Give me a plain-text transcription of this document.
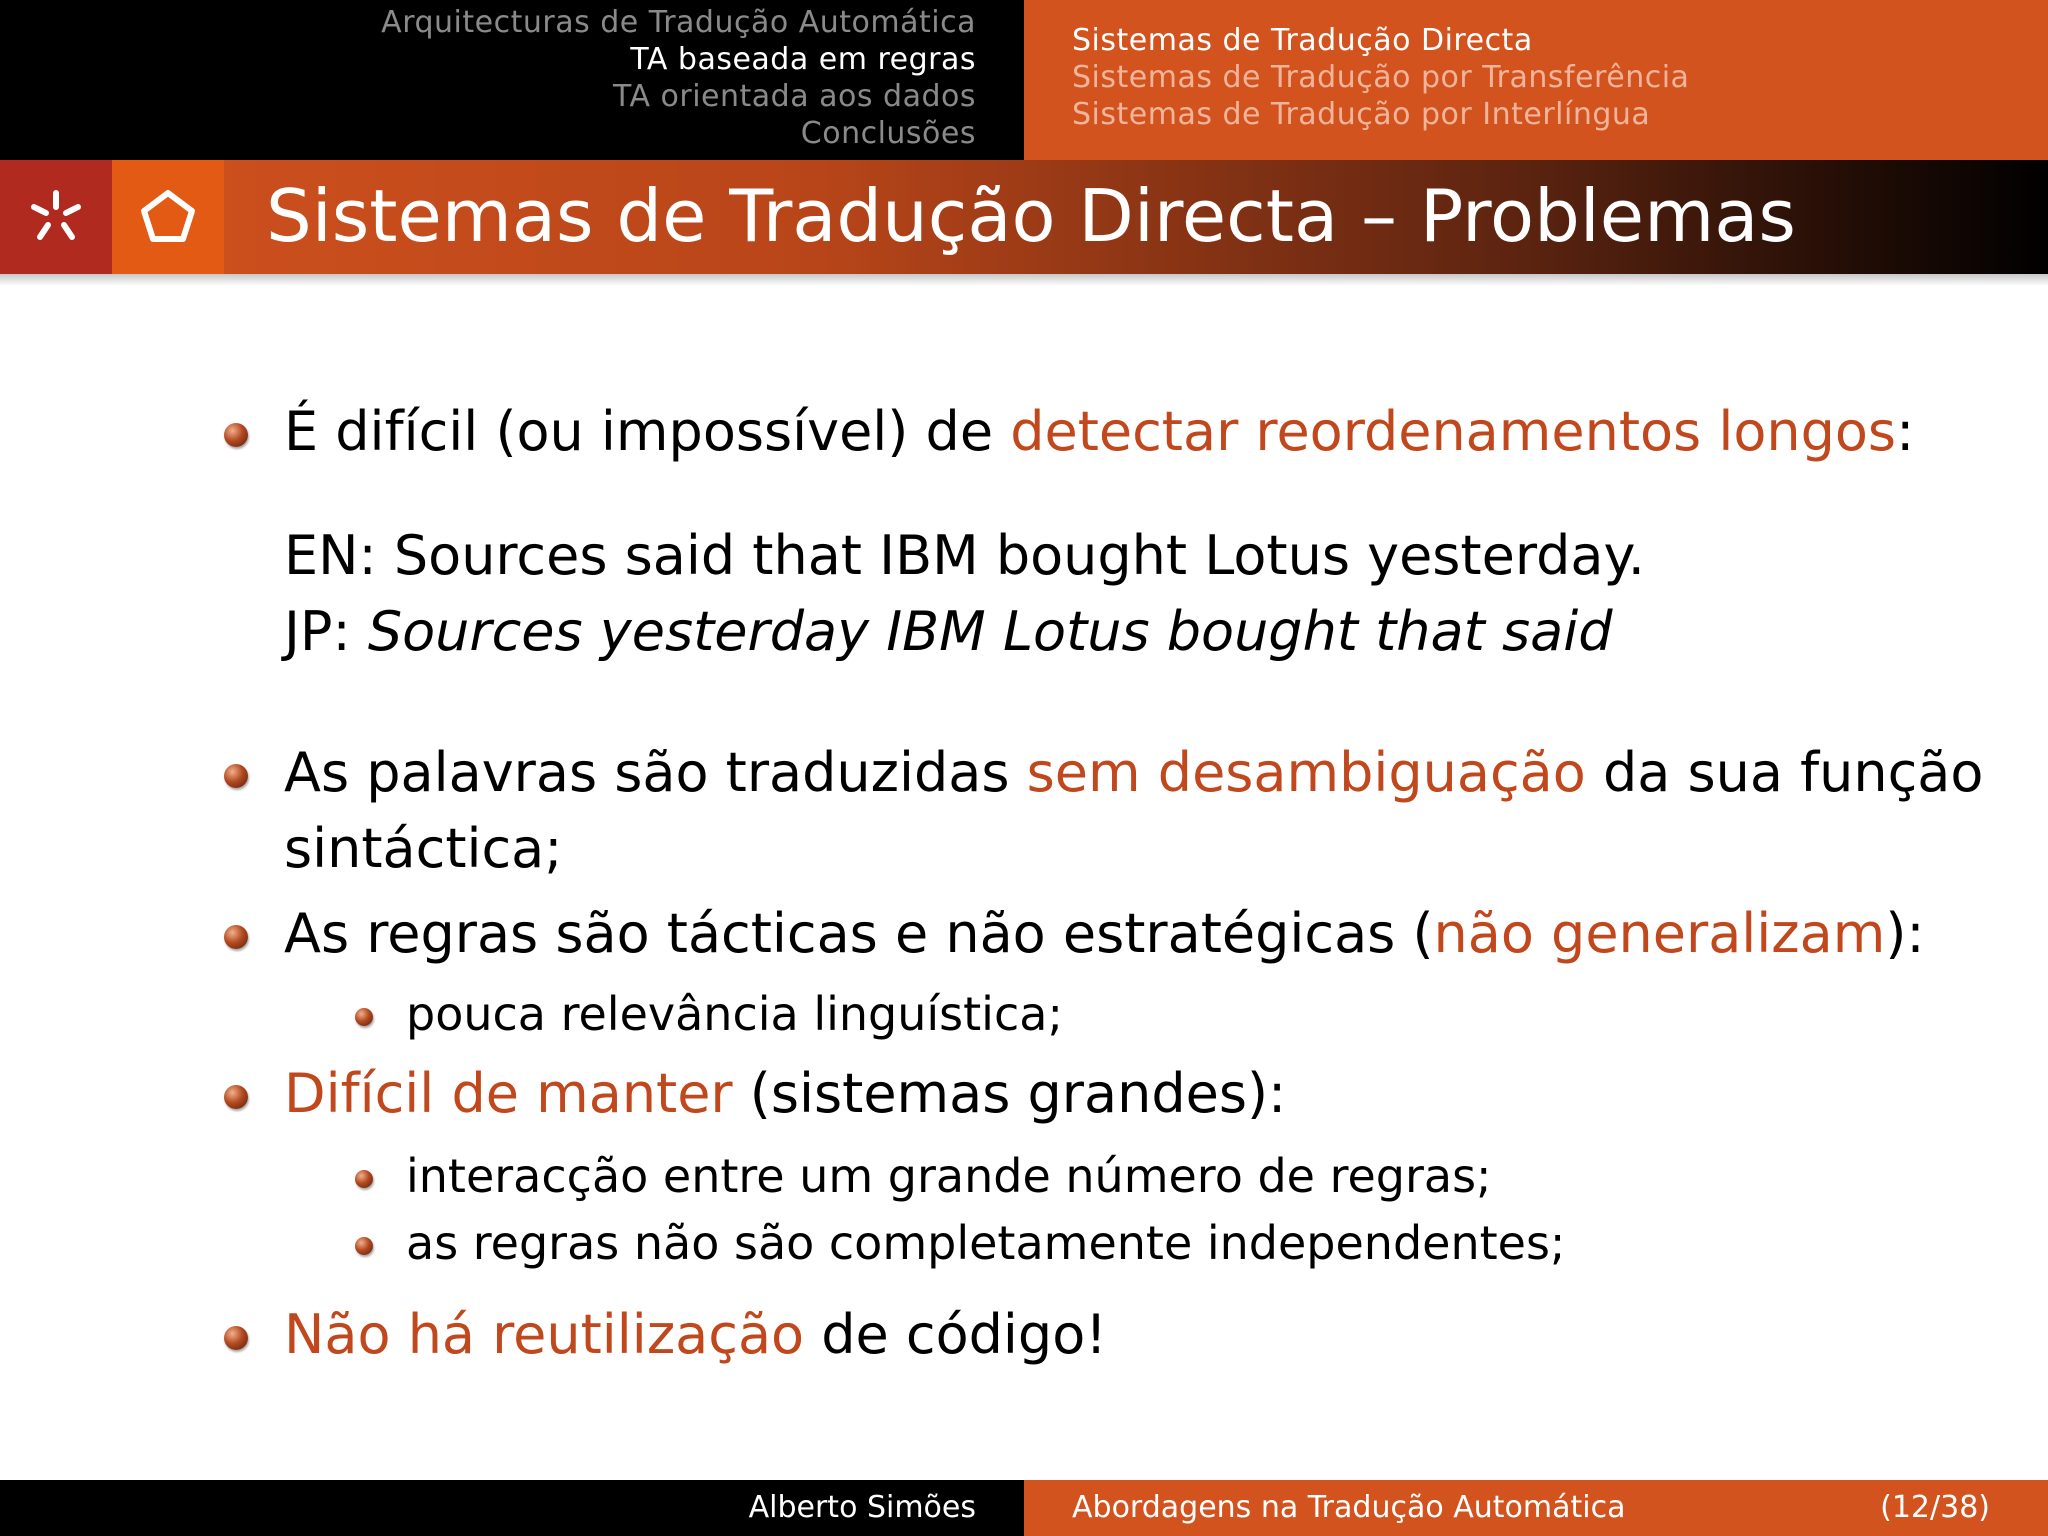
Arquitecturas de Tradução Automática
TA baseada em regras
TA orientada aos dados
Conclusões
Sistemas de Tradução Directa
Sistemas de Tradução por Transferência
Sistemas de Tradução por Interlíngua
Sistemas de Tradução Directa – Problemas
É difícil (ou impossível) de detectar reordenamentos longos:
EN: Sources said that IBM bought Lotus yesterday.
JP: Sources yesterday IBM Lotus bought that said
As palavras são traduzidas sem desambiguação da sua função
sintáctica;
As regras são tácticas e não estratégicas (não generalizam):
pouca relevância linguística;
Difícil de manter (sistemas grandes):
interacção entre um grande número de regras;
as regras não são completamente independentes;
Não há reutilização de código!
Alberto Simões	Abordagens na Tradução Automática	(12/38)
